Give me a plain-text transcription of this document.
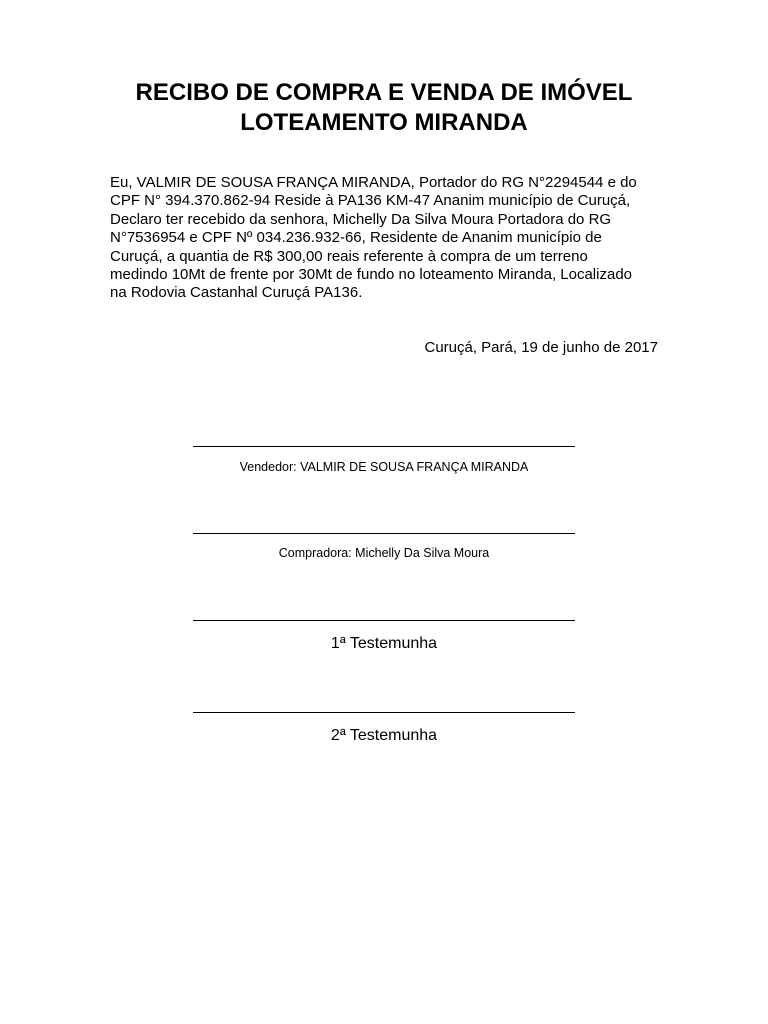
RECIBO DE COMPRA E VENDA DE IMÓVEL
LOTEAMENTO MIRANDA
Eu, VALMIR DE SOUSA FRANÇA MIRANDA, Portador do RG N°2294544 e do
CPF N° 394.370.862-94 Reside à PA136 KM-47 Ananim município de Curuçá,
Declaro ter recebido da senhora, Michelly Da Silva Moura Portadora do RG
N°7536954 e CPF Nº 034.236.932-66, Residente de Ananim município de
Curuçá, a quantia de R$ 300,00 reais referente à compra de um terreno
medindo 10Mt de frente por 30Mt de fundo no loteamento Miranda, Localizado
na Rodovia Castanhal Curuçá PA136.
Curuçá, Pará, 19 de junho de 2017
Vendedor: VALMIR DE SOUSA FRANÇA MIRANDA
Compradora: Michelly Da Silva Moura
1ª Testemunha
2ª Testemunha
